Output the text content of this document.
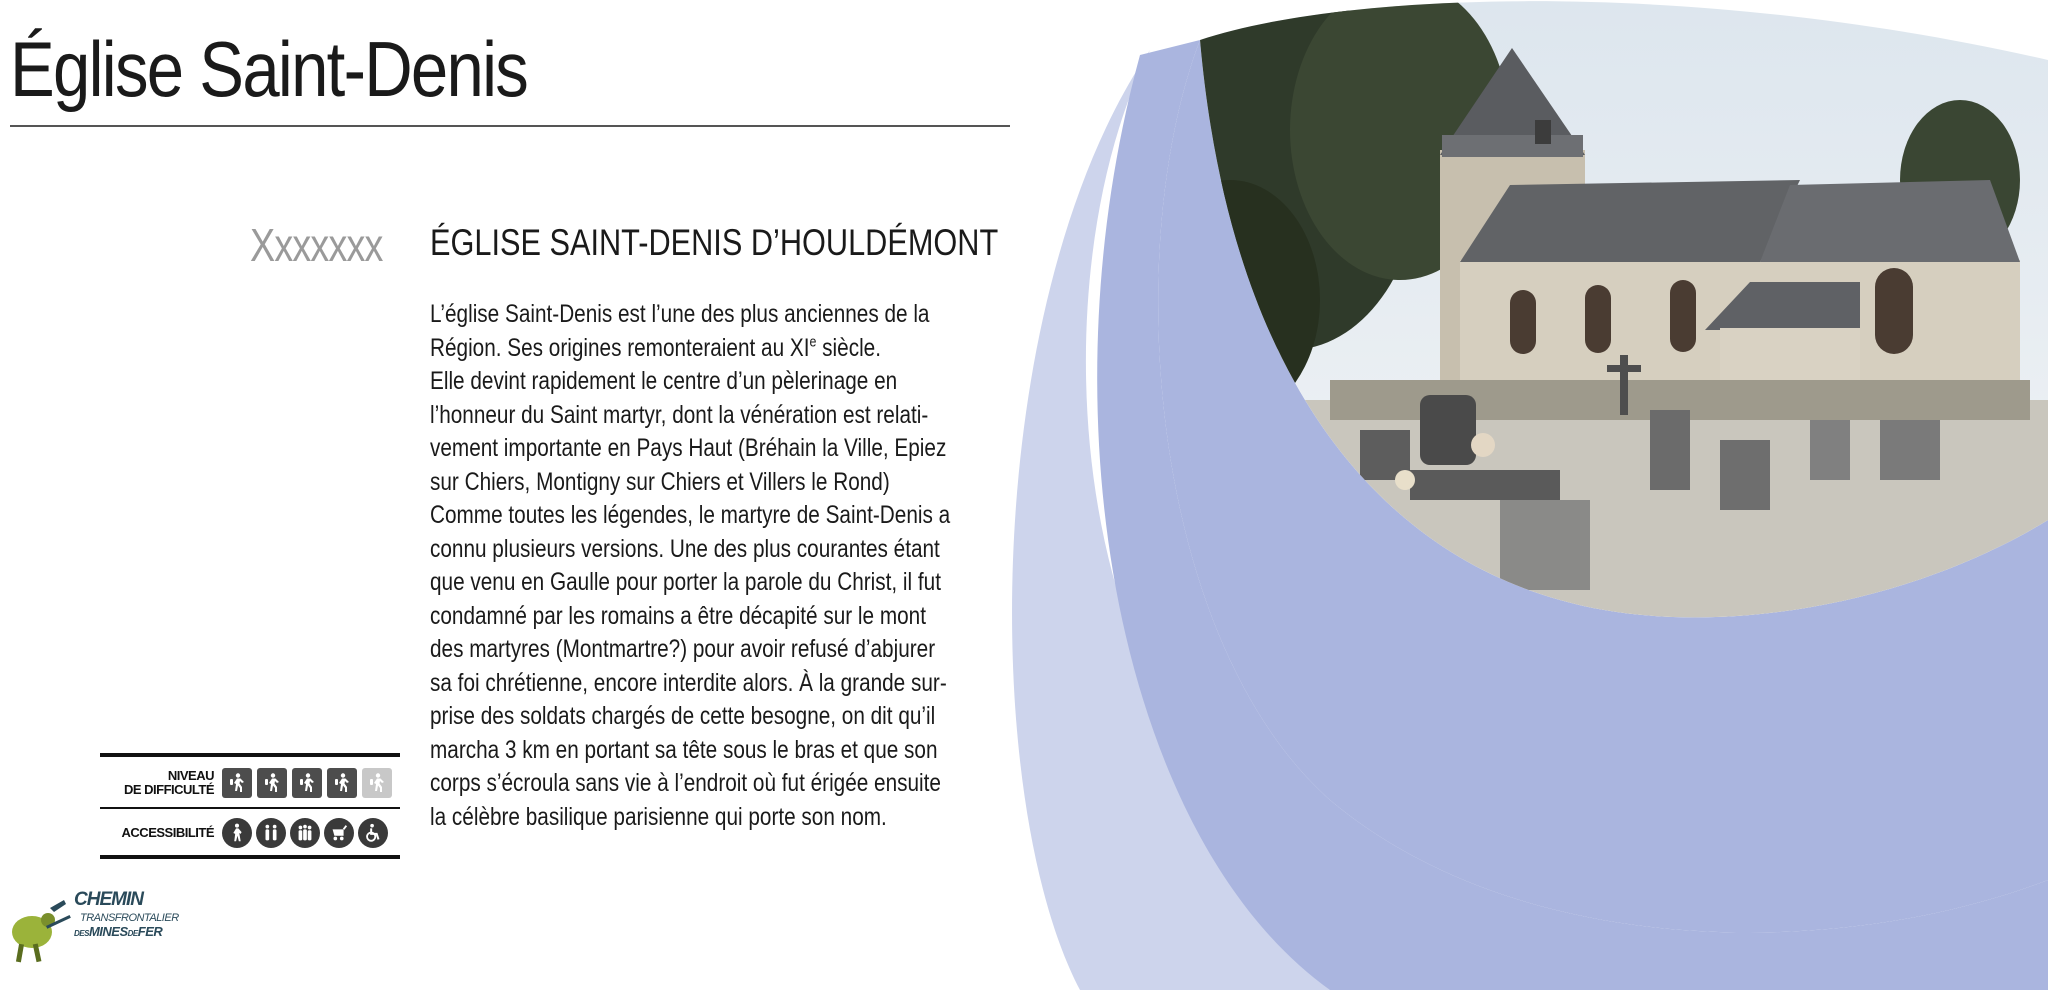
Église Saint-Denis
Xxxxxxx ÉGLISE SAINT-DENIS D’HOULDÉMONT
L’église Saint-Denis est l’une des plus anciennes de la
Région. Ses origines remonteraient au XIe siècle.
Elle devint rapidement le centre d’un pèlerinage en
l’honneur du Saint martyr, dont la vénération est relati-
vement importante en Pays Haut (Bréhain la Ville, Epiez
sur Chiers, Montigny sur Chiers et Villers le Rond)
Comme toutes les légendes, le martyre de Saint-Denis a
connu plusieurs versions. Une des plus courantes étant
que venu en Gaulle pour porter la parole du Christ, il fut
condamné par les romains a être décapité sur le mont
des martyres (Montmartre?) pour avoir refusé d’abjurer
sa foi chrétienne, encore interdite alors. À la grande sur-
prise des soldats chargés de cette besogne, on dit qu’il
marcha 3 km en portant sa tête sous le bras et que son
corps s’écroula sans vie à l’endroit où fut érigée ensuite
la célèbre basilique parisienne qui porte son nom.
NIVEAU
DE DIFFICULTÉ
ACCESSIBILITÉ
CHEMIN
TRANSFRONTALIER
DESMINESDEFER
